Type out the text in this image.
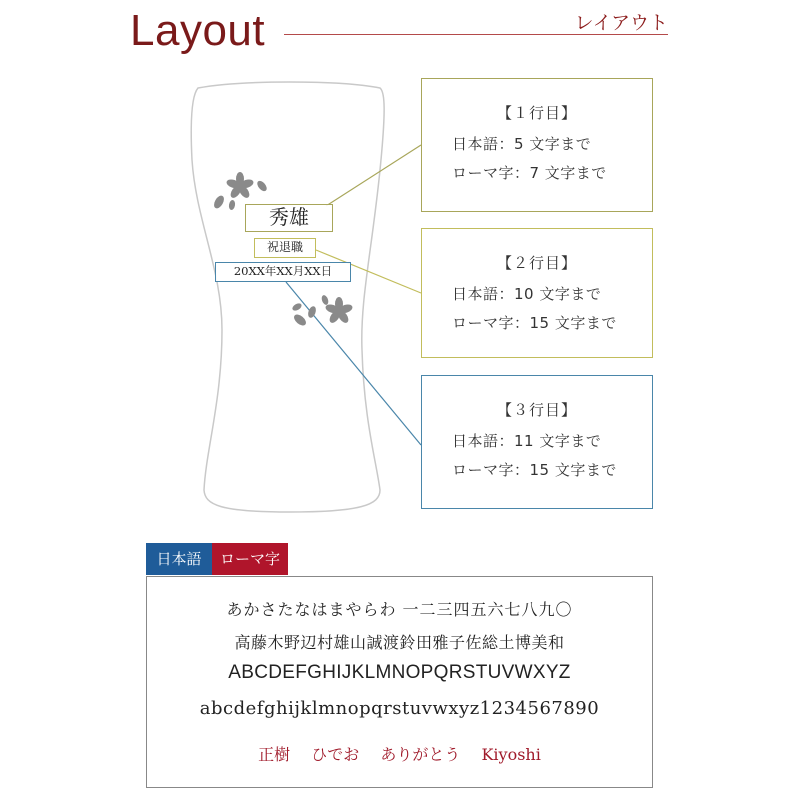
Layout	レイアウト
秀雄
祝退職
20XX年XX月XX日
【１行目】
日本語：5 文字まで
ローマ字：7 文字まで
【２行目】
日本語：10 文字まで
ローマ字：15 文字まで
【３行目】
日本語：11 文字まで
ローマ字：15 文字まで
日本語	ローマ字
あかさたなはまやらわ 一二三四五六七八九〇
高藤木野辺村雄山誠渡鈴田雅子佐総土博美和
ABCDEFGHIJKLMNOPQRSTUVWXYZ
abcdefghijklmnopqrstuvwxyz1234567890
正樹 ひでお ありがとう Kiyoshi
